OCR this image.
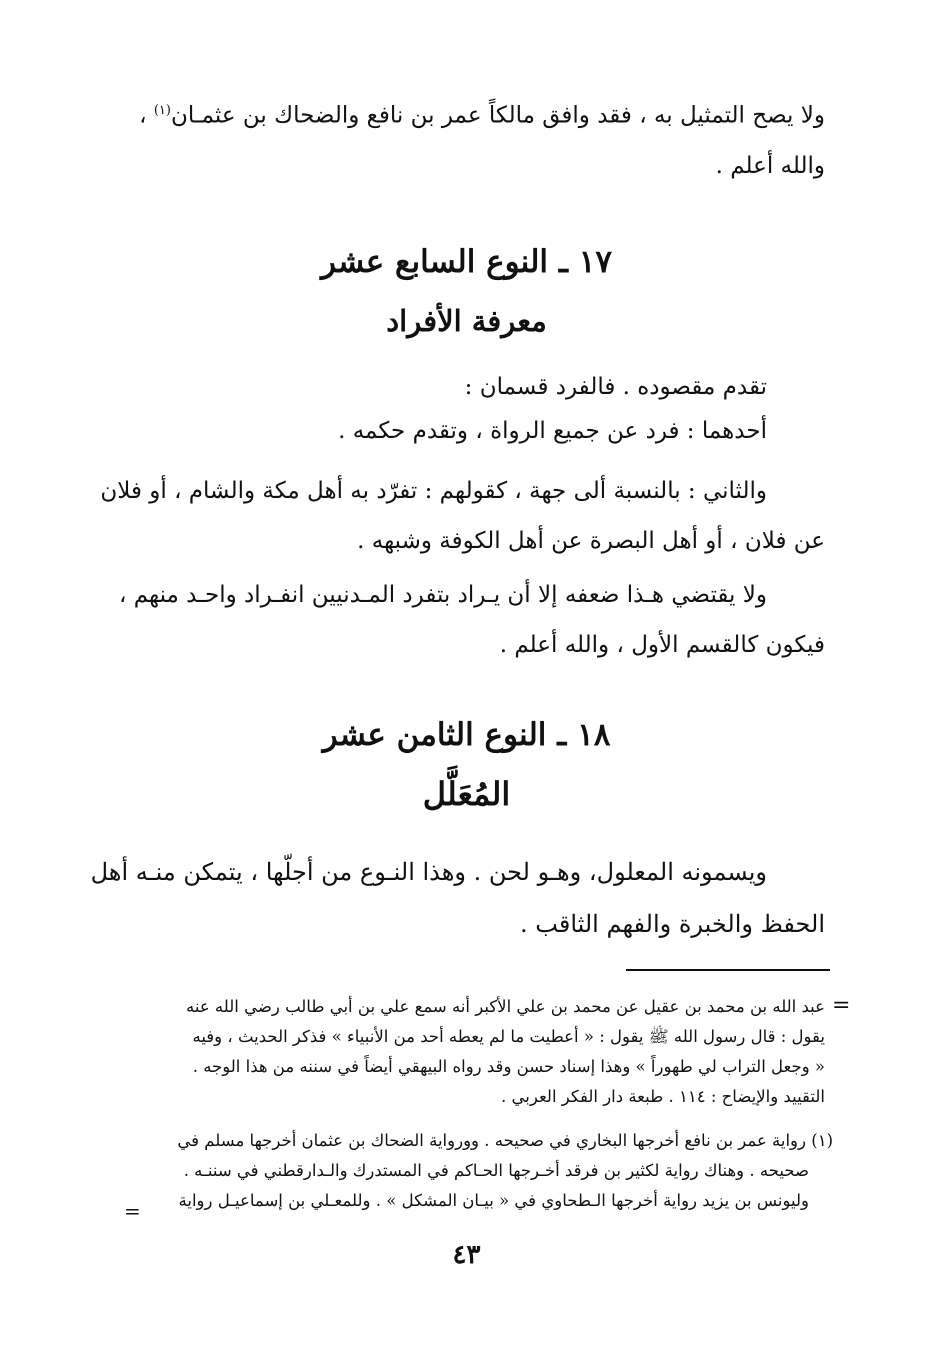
ولا يصح التمثيل به ، فقد وافق مالكاً عمر بن نافع والضحاك بن عثمـان$^{(١)}$ ،
والله أعلم .
١٧ ـ النوع السابع عشر
معرفة الأفراد
تقدم مقصوده . فالفرد قسمان :
أحدهما : فرد عن جميع الرواة ، وتقدم حكمه .
والثاني : بالنسبة ألى جهة ، كقولهم : تفرّد به أهل مكة والشام ، أو فلان
عن فلان ، أو أهل البصرة عن أهل الكوفة وشبهه .
ولا يقتضي هـذا ضعفه إلا أن يـراد بتفرد المـدنيين انفـراد واحـد منهم ،
فيكون كالقسم الأول ، والله أعلم .
١٨ ـ النوع الثامن عشر
المُعَلَّل
ويسمونه المعلول، وهـو لحن . وهذا النـوع من أجلّها ، يتمكن منـه أهل
الحفظ والخبرة والفهم الثاقب .
=
عبد الله بن محمد بن عقيل عن محمد بن علي الأكبر أنه سمع علي بن أبي طالب رضي الله عنه
يقول : قال رسول الله ﷺ يقول : « أعطيت ما لم يعطه أحد من الأنبياء » فذكر الحديث ، وفيه
« وجعل التراب لي طهوراً » وهذا إسناد حسن وقد رواه البيهقي أيضاً في سننه من هذا الوجه .
التقييد والإيضاح : ١١٤ . طبعة دار الفكر العربي .
(١) رواية عمر بن نافع أخرجها البخاري في صحيحه . وورواية الضحاك بن عثمان أخرجها مسلم في
صحيحه . وهناك رواية لكثير بن فرقد أخـرجها الحـاكم في المستدرك والـدارقطني في سننـه .
وليونس بن يزيد رواية أخرجها الـطحاوي في « بيـان المشكل » . وللمعـلي بن إسماعيـل رواية
=
٤٣
